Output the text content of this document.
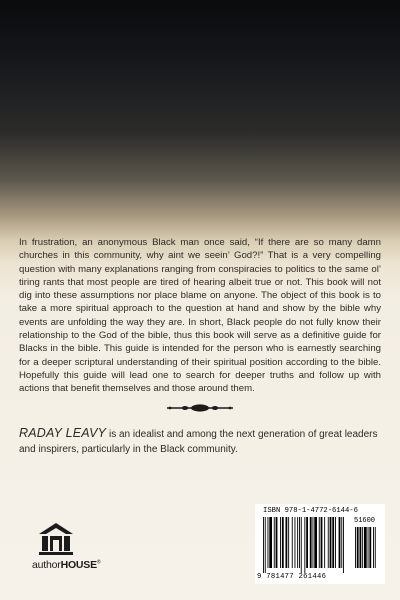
In frustration, an anonymous Black man once said, “If there are so many damn churches in this community, why aint we seein’ God?!” That is a very compelling question with many explanations ranging from conspiracies to politics to the same ol’ tiring rants that most people are tired of hearing albeit true or not. This book will not dig into these assumptions nor place blame on anyone. The object of this book is to take a more spiritual approach to the question at hand and show by the bible why events are unfolding the way they are. In short, Black people do not fully know their relationship to the God of the bible, thus this book will serve as a definitive guide for Blacks in the bible. This guide is intended for the person who is earnestly searching for a deeper scriptural understanding of their spiritual position according to the bible. Hopefully this guide will lead one to search for deeper truths and follow up with actions that benefit themselves and those around them.

RADAY LEAVY is an idealist and among the next generation of great leaders and inspirers, particularly in the Black community.

authorHOUSE®
ISBN 978-1-4772-6144-6
51600
9 781477 261446
